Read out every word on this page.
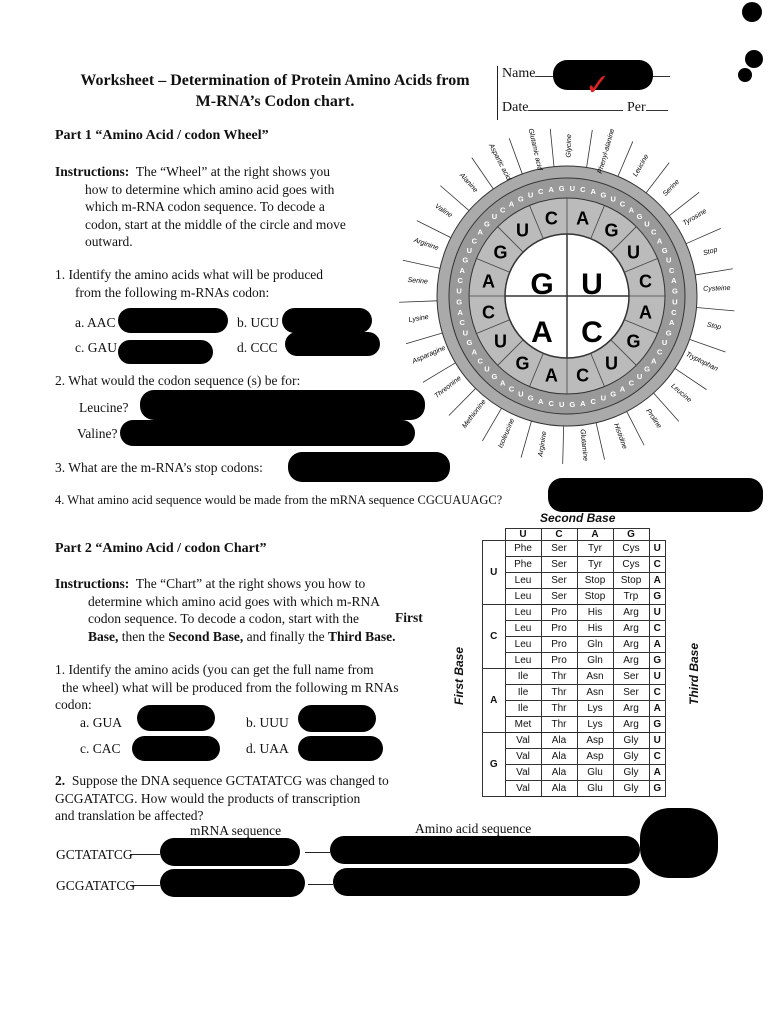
Worksheet – Determination of Protein Amino Acids from
M-RNA’s Codon chart.
Name
Date	Per
✓
Part 1 “Amino Acid / codon Wheel”
Instructions: The “Wheel” at the right shows you
how to determine which amino acid goes with
which m-RNA codon sequence. To decode a
codon, start at the middle of the circle and move
outward.
1. Identify the amino acids what will be produced
from the following m-RNAs codon:
a. AAC	b. UCU
c. GAU	d. CCC
2. What would the codon sequence (s) be for:
Leucine?
Valine?
3. What are the m-RNA’s stop codons:
4. What amino acid sequence would be made from the mRNA sequence CGCUAUAGC?
A
G
U
C
A
G
U
C
A
G
U
C
A
G
U
C
U C A G U
C
A
G
U
C
A
G
U
C
A
G
U
C
A
G
U
C
A
G
U
C
A
G
U
C
A
G
U
C
A
G
U
C
A
G
U
C
A
G
U
C
A
G
U
C
A
G
U
C
A
G
U
C
A
G U C A G
G U
A C
Glycine	Phenyl-alanine Leucine
Serine
Tyrosine
Stop
Cysteine
Stop
Tryptophan
Leucine
Proline
Histidine
Glutamine
Arginine
Isoleucine
Methionine
Threonine
Asparagine
Lysine
Serine
Arginine
Valine
Alanine
Aspartic acid Glutamic acid
Part 2 “Amino Acid / codon Chart”
Instructions: The “Chart” at the right shows you how to
determine which amino acid goes with which m-RNA
codon sequence. To decode a codon, start with the
Base, then the Second Base, and finally the Third Base.
First
1. Identify the amino acids (you can get the full name from
the wheel) what will be produced from the following m RNAs
codon:
a. GUA	b. UUU
c. CAC	d. UAA
2. Suppose the DNA sequence GCTATATCG was changed to
GCGATATCG. How would the products of transcription
and translation be affected?
mRNA sequence	Amino acid sequence
GCTATATCG
GCGATATCG
Second Base
First Base	Third Base
	U	C	A	G	
U	Phe	Ser	Tyr	Cys	U
	Phe	Ser	Tyr	Cys	C
	Leu	Ser	Stop	Stop	A
	Leu	Ser	Stop	Trp	G
C	Leu	Pro	His	Arg	U
	Leu	Pro	His	Arg	C
	Leu	Pro	Gln	Arg	A
	Leu	Pro	Gln	Arg	G
A	Ile	Thr	Asn	Ser	U
	Ile	Thr	Asn	Ser	C
	Ile	Thr	Lys	Arg	A
	Met	Thr	Lys	Arg	G
G	Val	Ala	Asp	Gly	U
	Val	Ala	Asp	Gly	C
	Val	Ala	Glu	Gly	A
	Val	Ala	Glu	Gly	G
